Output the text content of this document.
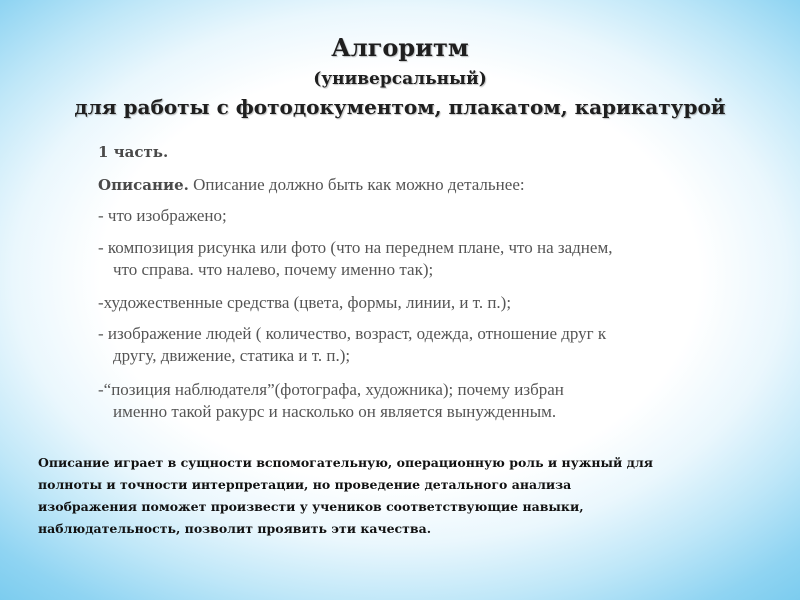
Алгоритм
(универсальный)
для работы с фотодокументом, плакатом, карикатурой
1 часть.
Описание. Описание должно быть как можно детальнее:
- что изображено;
- композиция рисунка или фото (что на переднем плане, что на заднем,
что справа. что налево, почему именно так);
-художественные средства (цвета, формы, линии, и т. п.);
- изображение людей ( количество, возраст, одежда, отношение друг к
другу, движение, статика и т. п.);
-“позиция наблюдателя”(фотографа, художника); почему избран
именно такой ракурс и насколько он является вынужденным.
Описание играет в сущности вспомогательную, операционную роль и нужный для
полноты и точности интерпретации, но проведение детального анализа
изображения поможет произвести у учеников соответствующие навыки,
наблюдательность, позволит проявить эти качества.
